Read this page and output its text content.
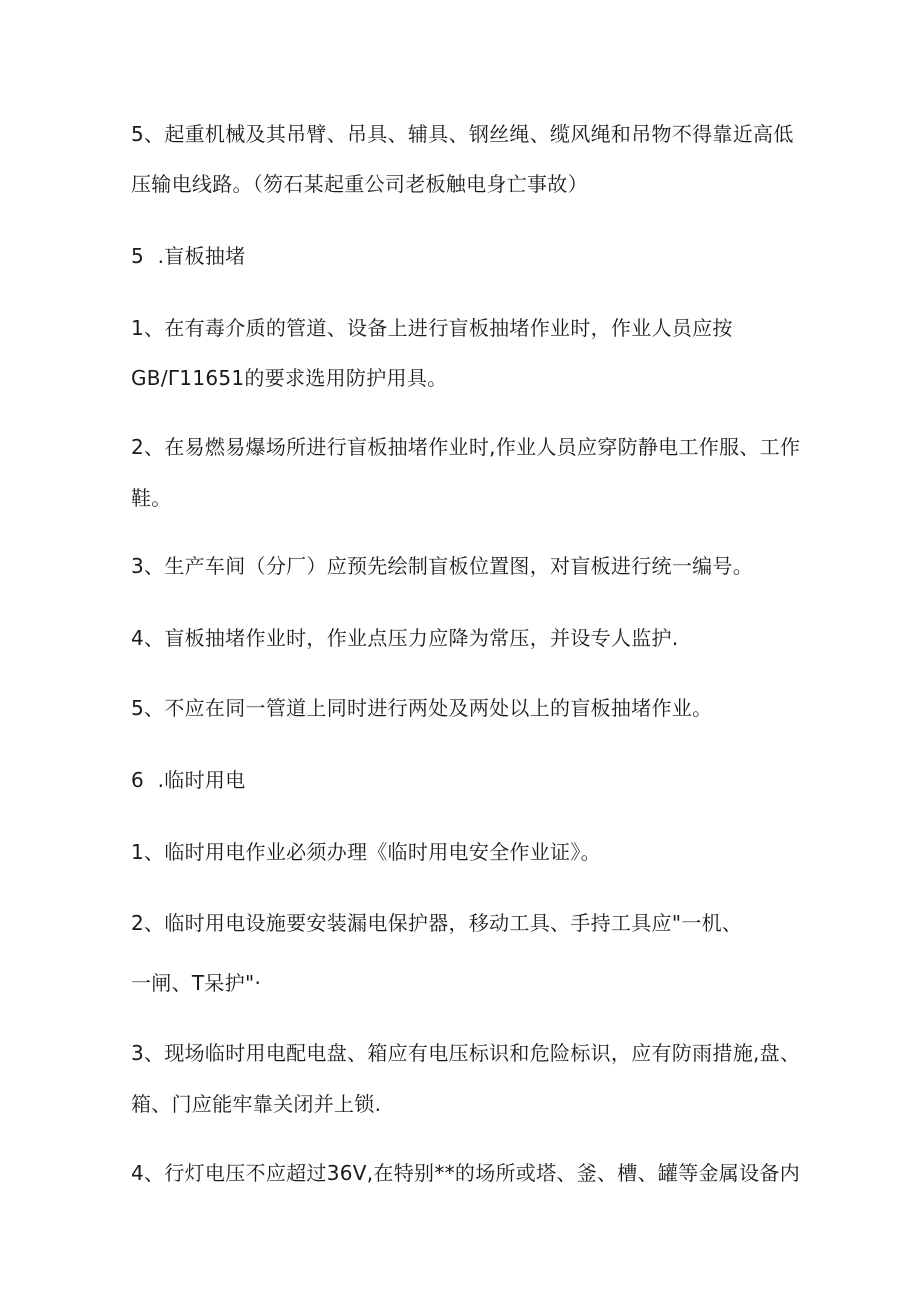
5、起重机械及其吊臂、吊具、辅具、钢丝绳、缆风绳和吊物不得靠近高低
压输电线路。（笏石某起重公司老板触电身亡事故）
5	.盲板抽堵
1、在有毒介质的管道、设备上进行盲板抽堵作业时，作业人员应按
GB/Γ11651的要求选用防护用具。
2、在易燃易爆场所进行盲板抽堵作业时,作业人员应穿防静电工作服、工作
鞋。
3、生产车间（分厂）应预先绘制盲板位置图，对盲板进行统一编号。
4、盲板抽堵作业时，作业点压力应降为常压，并设专人监护.
5、不应在同一管道上同时进行两处及两处以上的盲板抽堵作业。
6	.临时用电
1、临时用电作业必须办理《临时用电安全作业证》。
2、临时用电设施要安装漏电保护器，移动工具、手持工具应"一机、
一闸、T呆护"·
3、现场临时用电配电盘、箱应有电压标识和危险标识，应有防雨措施,盘、
箱、门应能牢靠关闭并上锁.
4、行灯电压不应超过36V,在特别**的场所或塔、釜、槽、罐等金属设备内
